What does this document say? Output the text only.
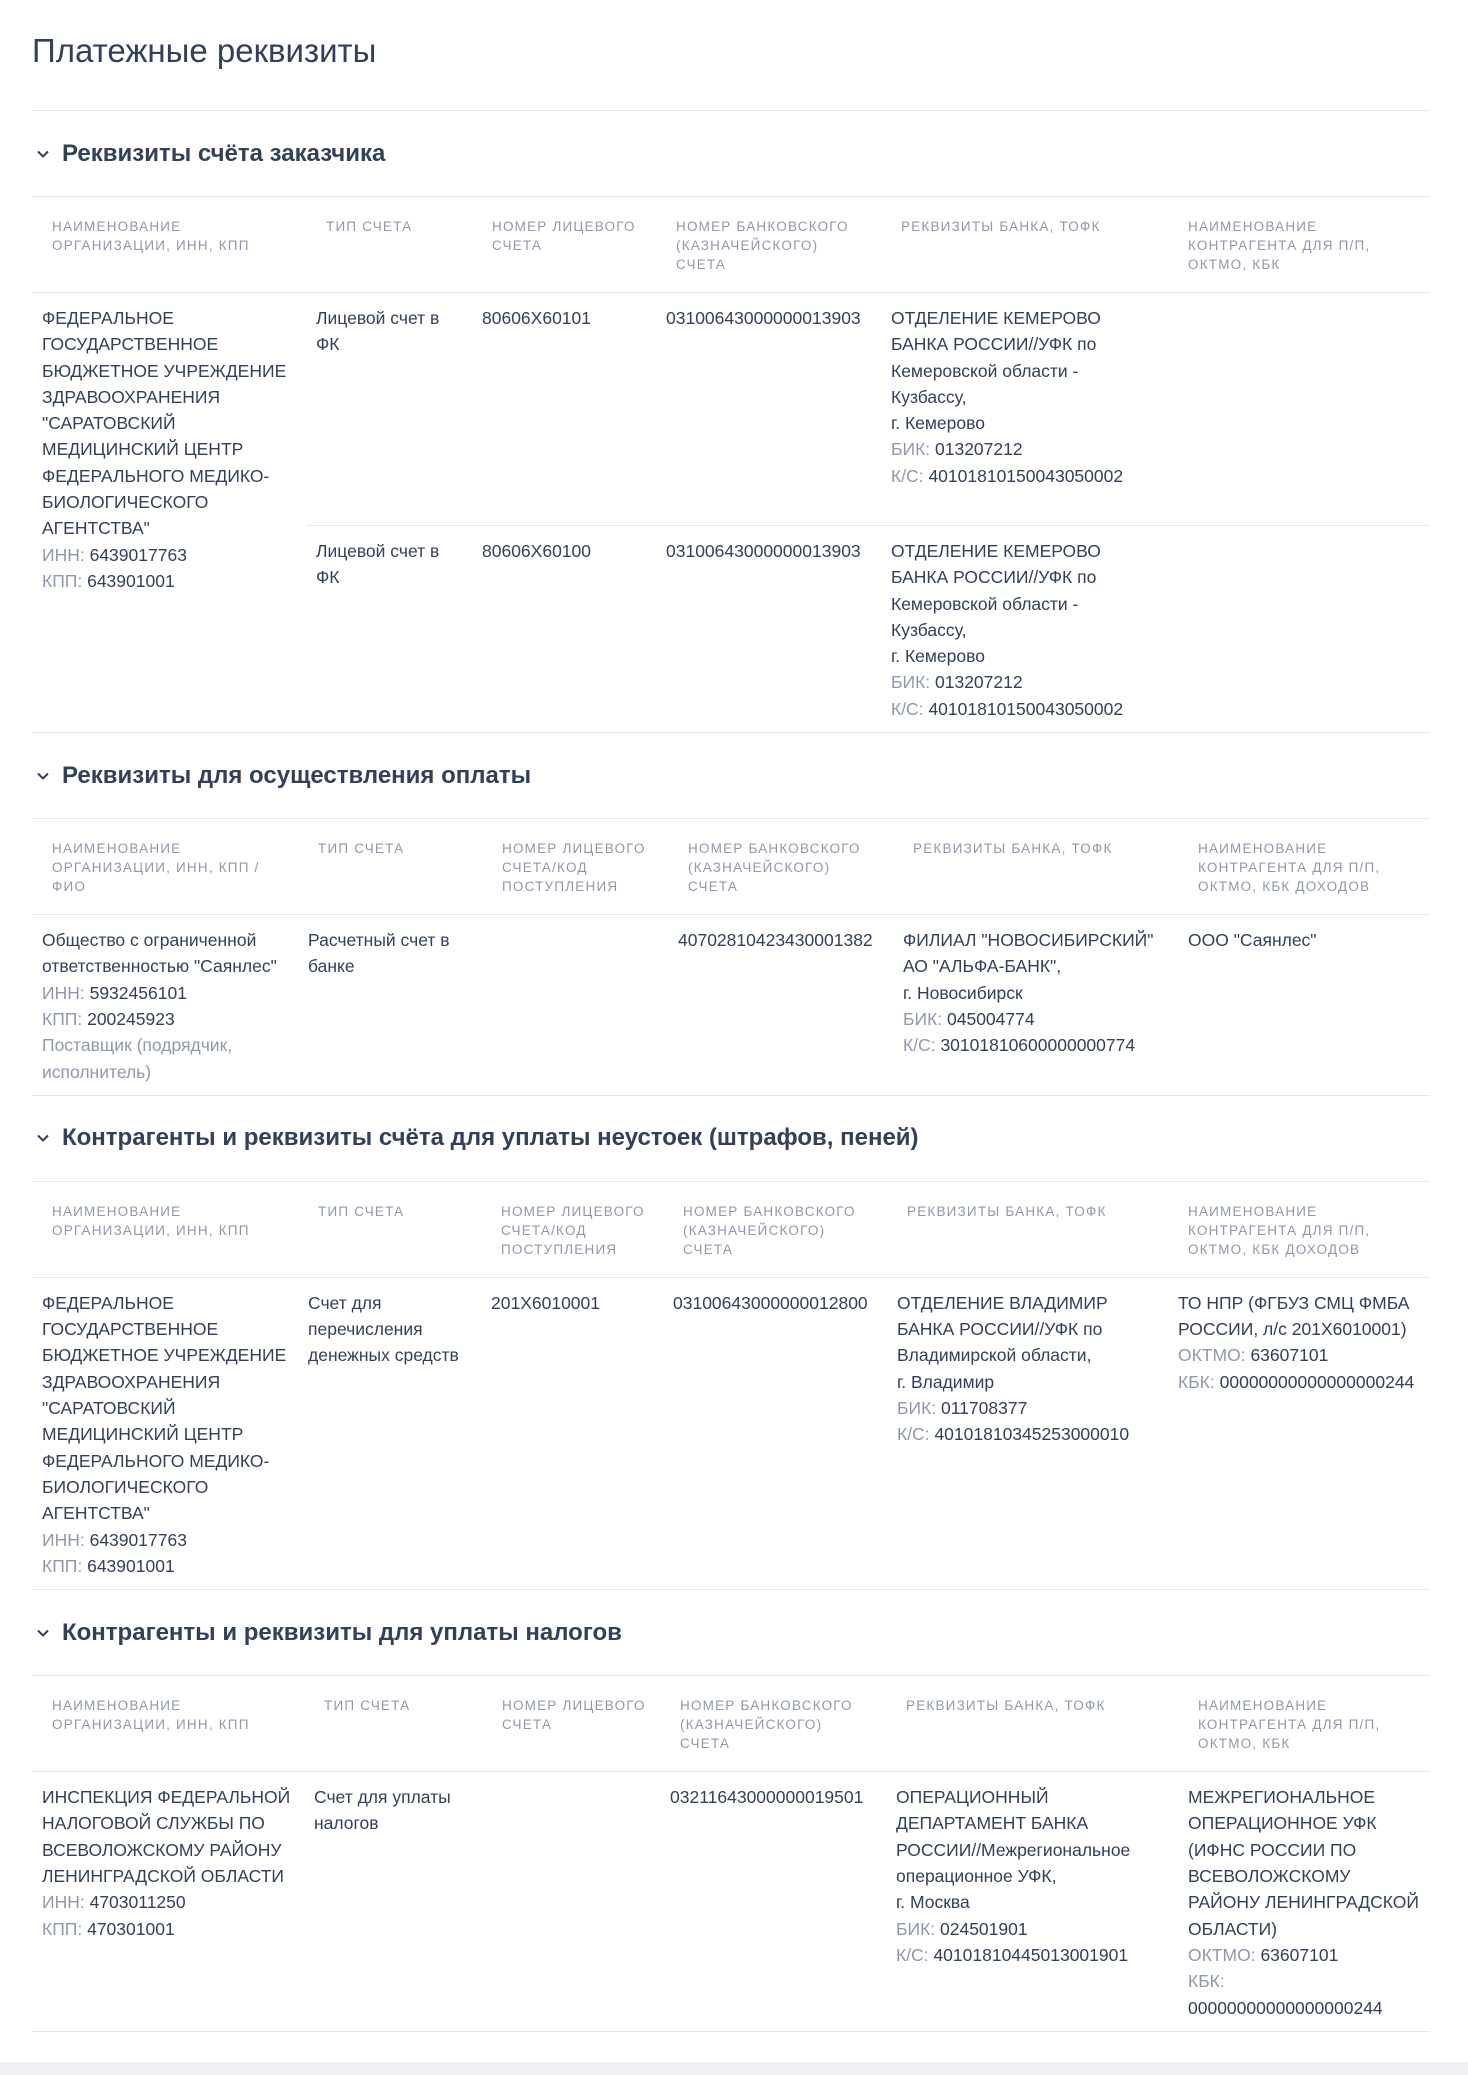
Платежные реквизиты
Реквизиты счёта заказчика
НАИМЕНОВАНИЕ ОРГАНИЗАЦИИ, ИНН, КПП	ТИП СЧЕТА	НОМЕР ЛИЦЕВОГО СЧЕТА	НОМЕР БАНКОВСКОГО (КАЗНАЧЕЙСКОГО) СЧЕТА	РЕКВИЗИТЫ БАНКА, ТОФК	НАИМЕНОВАНИЕ КОНТРАГЕНТА ДЛЯ П/П, ОКТМО, КБК

ФЕДЕРАЛЬНОЕ ГОСУДАРСТВЕННОЕ БЮДЖЕТНОЕ УЧРЕЖДЕНИЕ ЗДРАВООХРАНЕНИЯ "САРАТОВСКИЙ МЕДИЦИНСКИЙ ЦЕНТР ФЕДЕРАЛЬНОГО МЕДИКО-БИОЛОГИЧЕСКОГО АГЕНТСТВА"
ИНН: 6439017763
КПП: 643901001	Лицевой счет в ФК	80606Х60101	03100643000000013903	ОТДЕЛЕНИЕ КЕМЕРОВО БАНКА РОССИИ//УФК по Кемеровской области - Кузбассу,
г. Кемерово
БИК: 013207212
К/С: 40101810150043050002	

	Лицевой счет в ФК	80606Х60100	03100643000000013903	ОТДЕЛЕНИЕ КЕМЕРОВО БАНКА РОССИИ//УФК по Кемеровской области - Кузбассу,
г. Кемерово
БИК: 013207212
К/С: 40101810150043050002	

Реквизиты для осуществления оплаты
НАИМЕНОВАНИЕ ОРГАНИЗАЦИИ, ИНН, КПП / ФИО	ТИП СЧЕТА	НОМЕР ЛИЦЕВОГО СЧЕТА/КОД ПОСТУПЛЕНИЯ	НОМЕР БАНКОВСКОГО (КАЗНАЧЕЙСКОГО) СЧЕТА	РЕКВИЗИТЫ БАНКА, ТОФК	НАИМЕНОВАНИЕ КОНТРАГЕНТА ДЛЯ П/П, ОКТМО, КБК ДОХОДОВ

Общество с ограниченной ответственностью "Саянлес"
ИНН: 5932456101
КПП: 200245923
Поставщик (подрядчик, исполнитель)	Расчетный счет в банке		40702810423430001382	ФИЛИАЛ "НОВОСИБИРСКИЙ" АО "АЛЬФА-БАНК",
г. Новосибирск
БИК: 045004774
К/С: 30101810600000000774	ООО "Саянлес"
Контрагенты и реквизиты счёта для уплаты неустоек (штрафов, пеней)
НАИМЕНОВАНИЕ ОРГАНИЗАЦИИ, ИНН, КПП	ТИП СЧЕТА	НОМЕР ЛИЦЕВОГО СЧЕТА/КОД ПОСТУПЛЕНИЯ	НОМЕР БАНКОВСКОГО (КАЗНАЧЕЙСКОГО) СЧЕТА	РЕКВИЗИТЫ БАНКА, ТОФК	НАИМЕНОВАНИЕ КОНТРАГЕНТА ДЛЯ П/П, ОКТМО, КБК ДОХОДОВ

ФЕДЕРАЛЬНОЕ ГОСУДАРСТВЕННОЕ БЮДЖЕТНОЕ УЧРЕЖДЕНИЕ ЗДРАВООХРАНЕНИЯ "САРАТОВСКИЙ МЕДИЦИНСКИЙ ЦЕНТР ФЕДЕРАЛЬНОГО МЕДИКО-БИОЛОГИЧЕСКОГО АГЕНТСТВА"
ИНН: 6439017763
КПП: 643901001	Счет для перечисления денежных средств	201Х6010001	03100643000000012800	ОТДЕЛЕНИЕ ВЛАДИМИР БАНКА РОССИИ//УФК по Владимирской области,
г. Владимир
БИК: 011708377
К/С: 40101810345253000010	ТО НПР (ФГБУЗ СМЦ ФМБА РОССИИ, л/с 201Х6010001)
ОКТМО: 63607101
КБК: 00000000000000000244
Контрагенты и реквизиты для уплаты налогов
НАИМЕНОВАНИЕ ОРГАНИЗАЦИИ, ИНН, КПП	ТИП СЧЕТА	НОМЕР ЛИЦЕВОГО СЧЕТА	НОМЕР БАНКОВСКОГО (КАЗНАЧЕЙСКОГО) СЧЕТА	РЕКВИЗИТЫ БАНКА, ТОФК	НАИМЕНОВАНИЕ КОНТРАГЕНТА ДЛЯ П/П, ОКТМО, КБК

ИНСПЕКЦИЯ ФЕДЕРАЛЬНОЙ НАЛОГОВОЙ СЛУЖБЫ ПО ВСЕВОЛОЖСКОМУ РАЙОНУ ЛЕНИНГРАДСКОЙ ОБЛАСТИ
ИНН: 4703011250
КПП: 470301001	Счет для уплаты налогов		03211643000000019501	ОПЕРАЦИОННЫЙ ДЕПАРТАМЕНТ БАНКА РОССИИ//Межрегиональное операционное УФК,
г. Москва
БИК: 024501901
К/С: 40101810445013001901	МЕЖРЕГИОНАЛЬНОЕ ОПЕРАЦИОННОЕ УФК (ИФНС РОССИИ ПО ВСЕВОЛОЖСКОМУ РАЙОНУ ЛЕНИНГРАДСКОЙ ОБЛАСТИ)
ОКТМО: 63607101
КБК: 00000000000000000244
